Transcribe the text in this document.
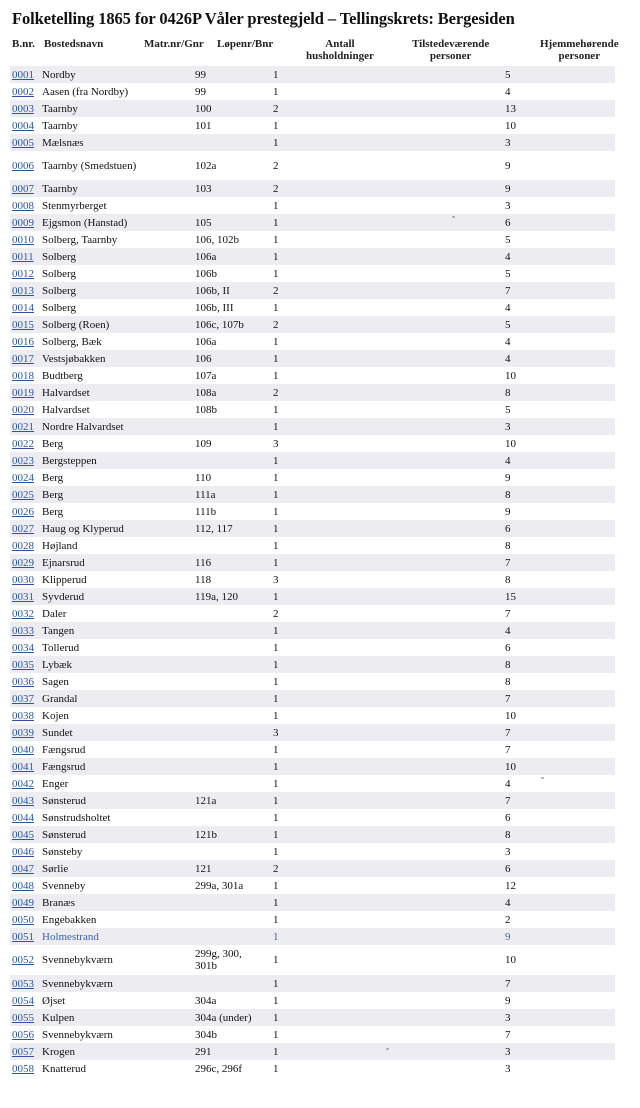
Folketelling 1865 for 0426P Våler prestegjeld – Tellingskrets: Bergesiden
B.nr. Bostedsnavn	Matr.nr/Gnr Løpenr/Bnr	Antall
husholdninger
Tilstedeværende
personer
Hjemmehørende
personer
0001	Nordby	99	1	5
0002	Aasen (fra Nordby)	99	1	4
0003	Taarnby	100	2	13
0004	Taarnby	101	1	10
0005	Mælsnæs		1	3
0006	Taarnby (Smedstuen)	102a	2	9
0007	Taarnby	103	2	9
0008	Stenmyrberget		1	3
0009	Ejgsmon (Hanstad)	105	1	6
0010	Solberg, Taarnby	106, 102b	1	5
0011	Solberg	106a	1	4
0012	Solberg	106b	1	5
0013	Solberg	106b, II	2	7
0014	Solberg	106b, III	1	4
0015	Solberg (Roen)	106c, 107b	2	5
0016	Solberg, Bæk	106a	1	4
0017	Vestsjøbakken	106	1	4
0018	Budtberg	107a	1	10
0019	Halvardset	108a	2	8
0020	Halvardset	108b	1	5
0021	Nordre Halvardset		1	3
0022	Berg	109	3	10
0023	Bergsteppen		1	4
0024	Berg	110	1	9
0025	Berg	111a	1	8
0026	Berg	111b	1	9
0027	Haug og Klyperud	112, 117	1	6
0028	Højland		1	8
0029	Ejnarsrud	116	1	7
0030	Klipperud	118	3	8
0031	Syvderud	119a, 120	1	15
0032	Daler		2	7
0033	Tangen		1	4
0034	Tollerud		1	6
0035	Lybæk		1	8
0036	Sagen		1	8
0037	Grandal		1	7
0038	Kojen		1	10
0039	Sundet		3	7
0040	Fængsrud		1	7
0041	Fængsrud		1	10
0042	Enger		1	4
0043	Sønsterud	121a	1	7
0044	Sønstrudsholtet		1	6
0045	Sønsterud	121b	1	8
0046	Sønsteby		1	3
0047	Sørlie	121	2	6
0048	Svenneby	299a, 301a	1	12
0049	Branæs		1	4
0050	Engebakken		1	2
0051	Holmestrand		1	9
0052	Svennebykværn	299g, 300, 301b	1	10
0053	Svennebykværn		1	7
0054	Øjset	304a	1	9
0055	Kulpen	304a (under)	1	3
0056	Svennebykværn	304b	1	7
0057	Krogen	291	1	3
0058	Knatterud	296c, 296f	1	3
